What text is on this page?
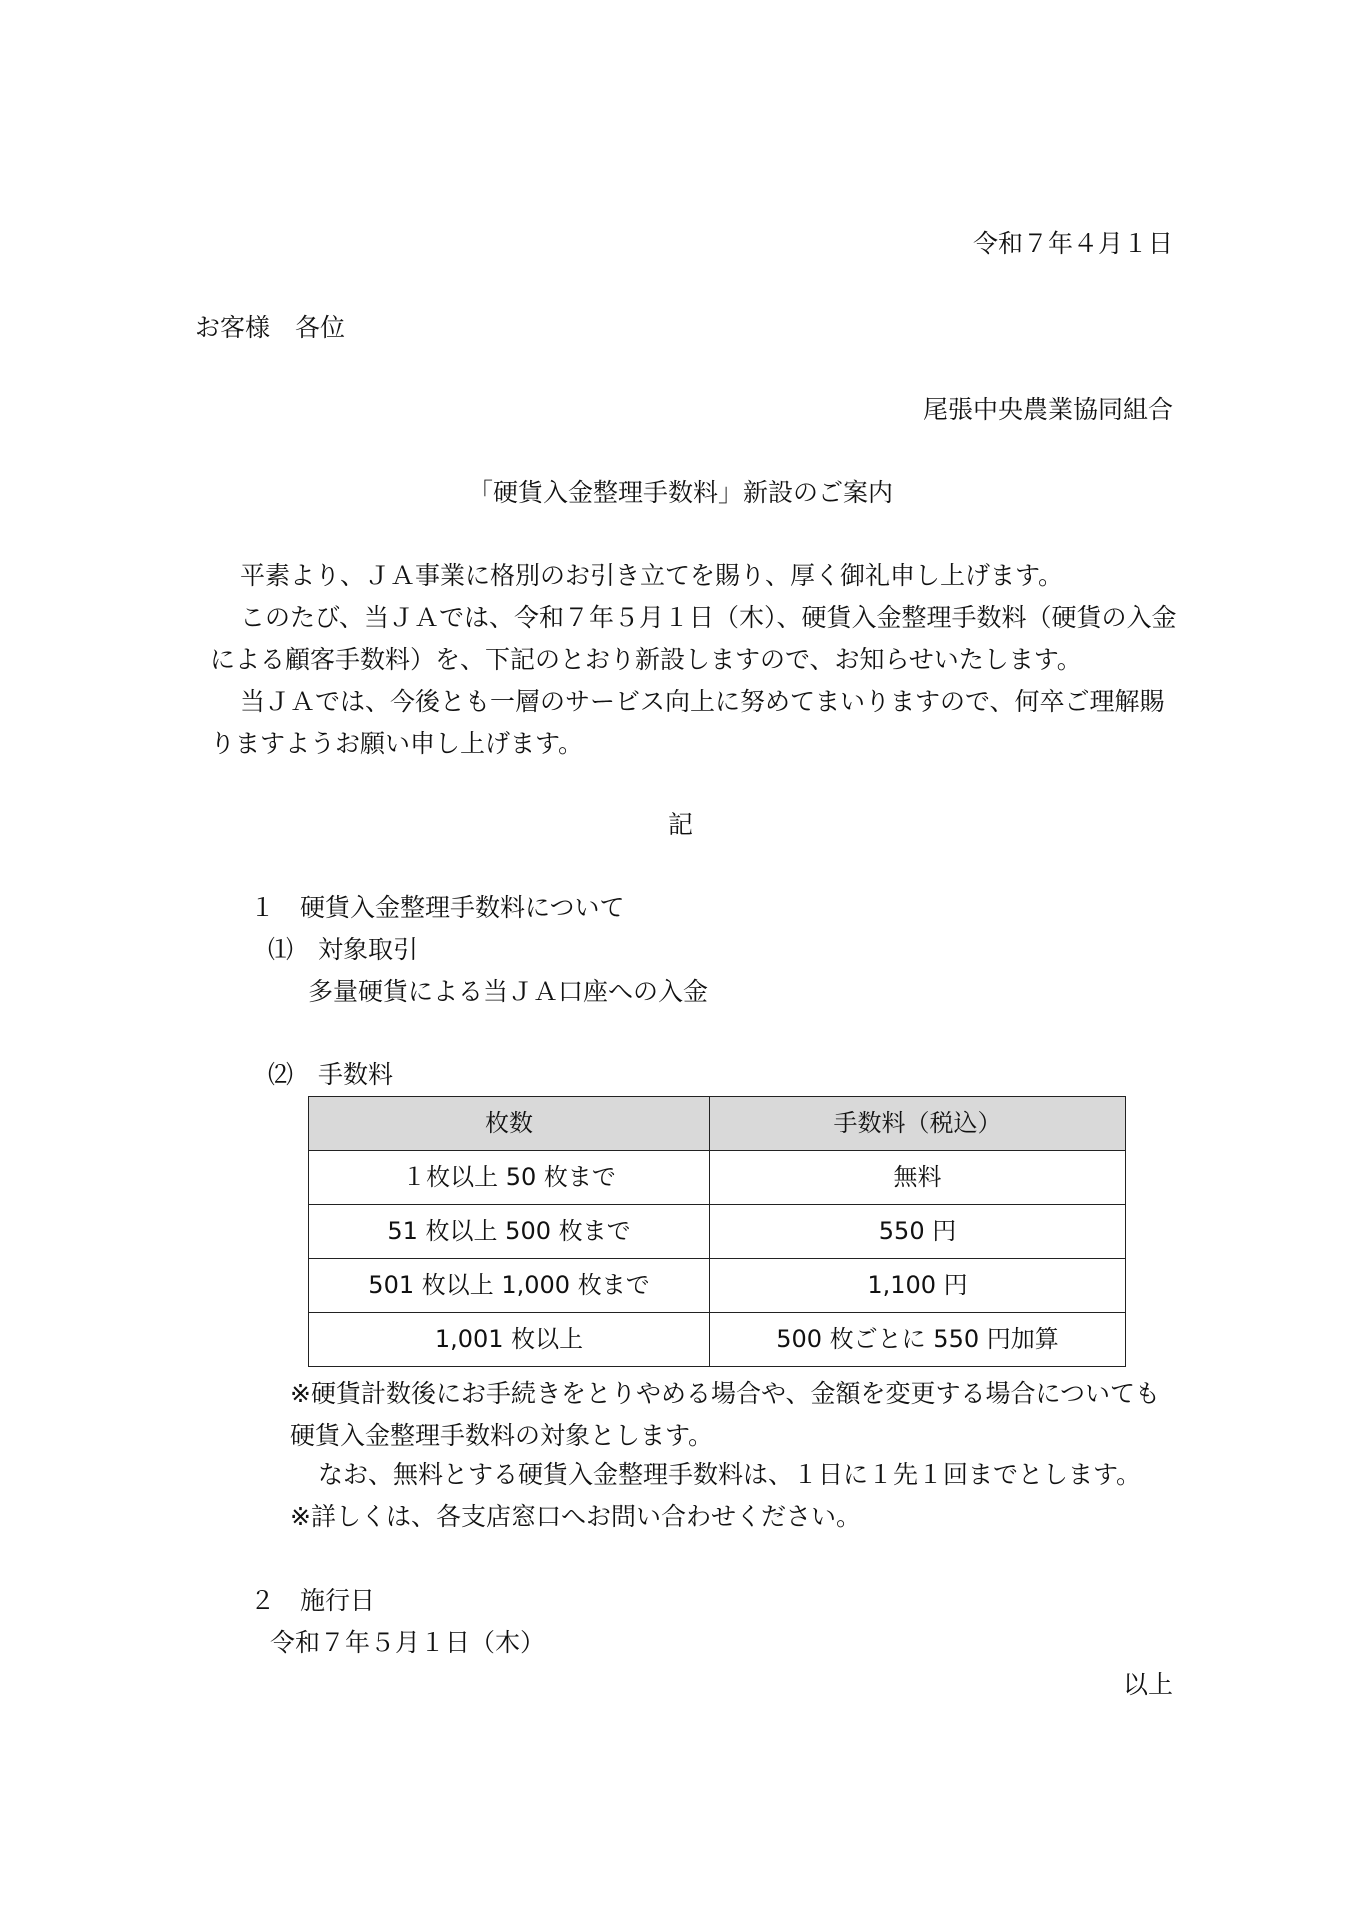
令和７年４月１日
お客様　各位
尾張中央農業協同組合
「硬貨入金整理手数料」新設のご案内
平素より、ＪＡ事業に格別のお引き立てを賜り、厚く御礼申し上げます。
このたび、当ＪＡでは、令和７年５月１日（木）、硬貨入金整理手数料（硬貨の入金による顧客手数料）を、下記のとおり新設しますので、お知らせいたします。
当ＪＡでは、今後とも一層のサービス向上に努めてまいりますので、何卒ご理解賜りますようお願い申し上げます。
記
１　硬貨入金整理手数料について
⑴　対象取引
多量硬貨による当ＪＡ口座への入金
⑵　手数料
枚数	手数料（税込）
１枚以上 50 枚まで	無料
51 枚以上 500 枚まで	550 円
501 枚以上 1,000 枚まで	1,100 円
1,001 枚以上	500 枚ごとに 550 円加算
※硬貨計数後にお手続きをとりやめる場合や、金額を変更する場合についても硬貨入金整理手数料の対象とします。
なお、無料とする硬貨入金整理手数料は、１日に１先１回までとします。
※詳しくは、各支店窓口へお問い合わせください。
２　施行日
令和７年５月１日（木）
以上
